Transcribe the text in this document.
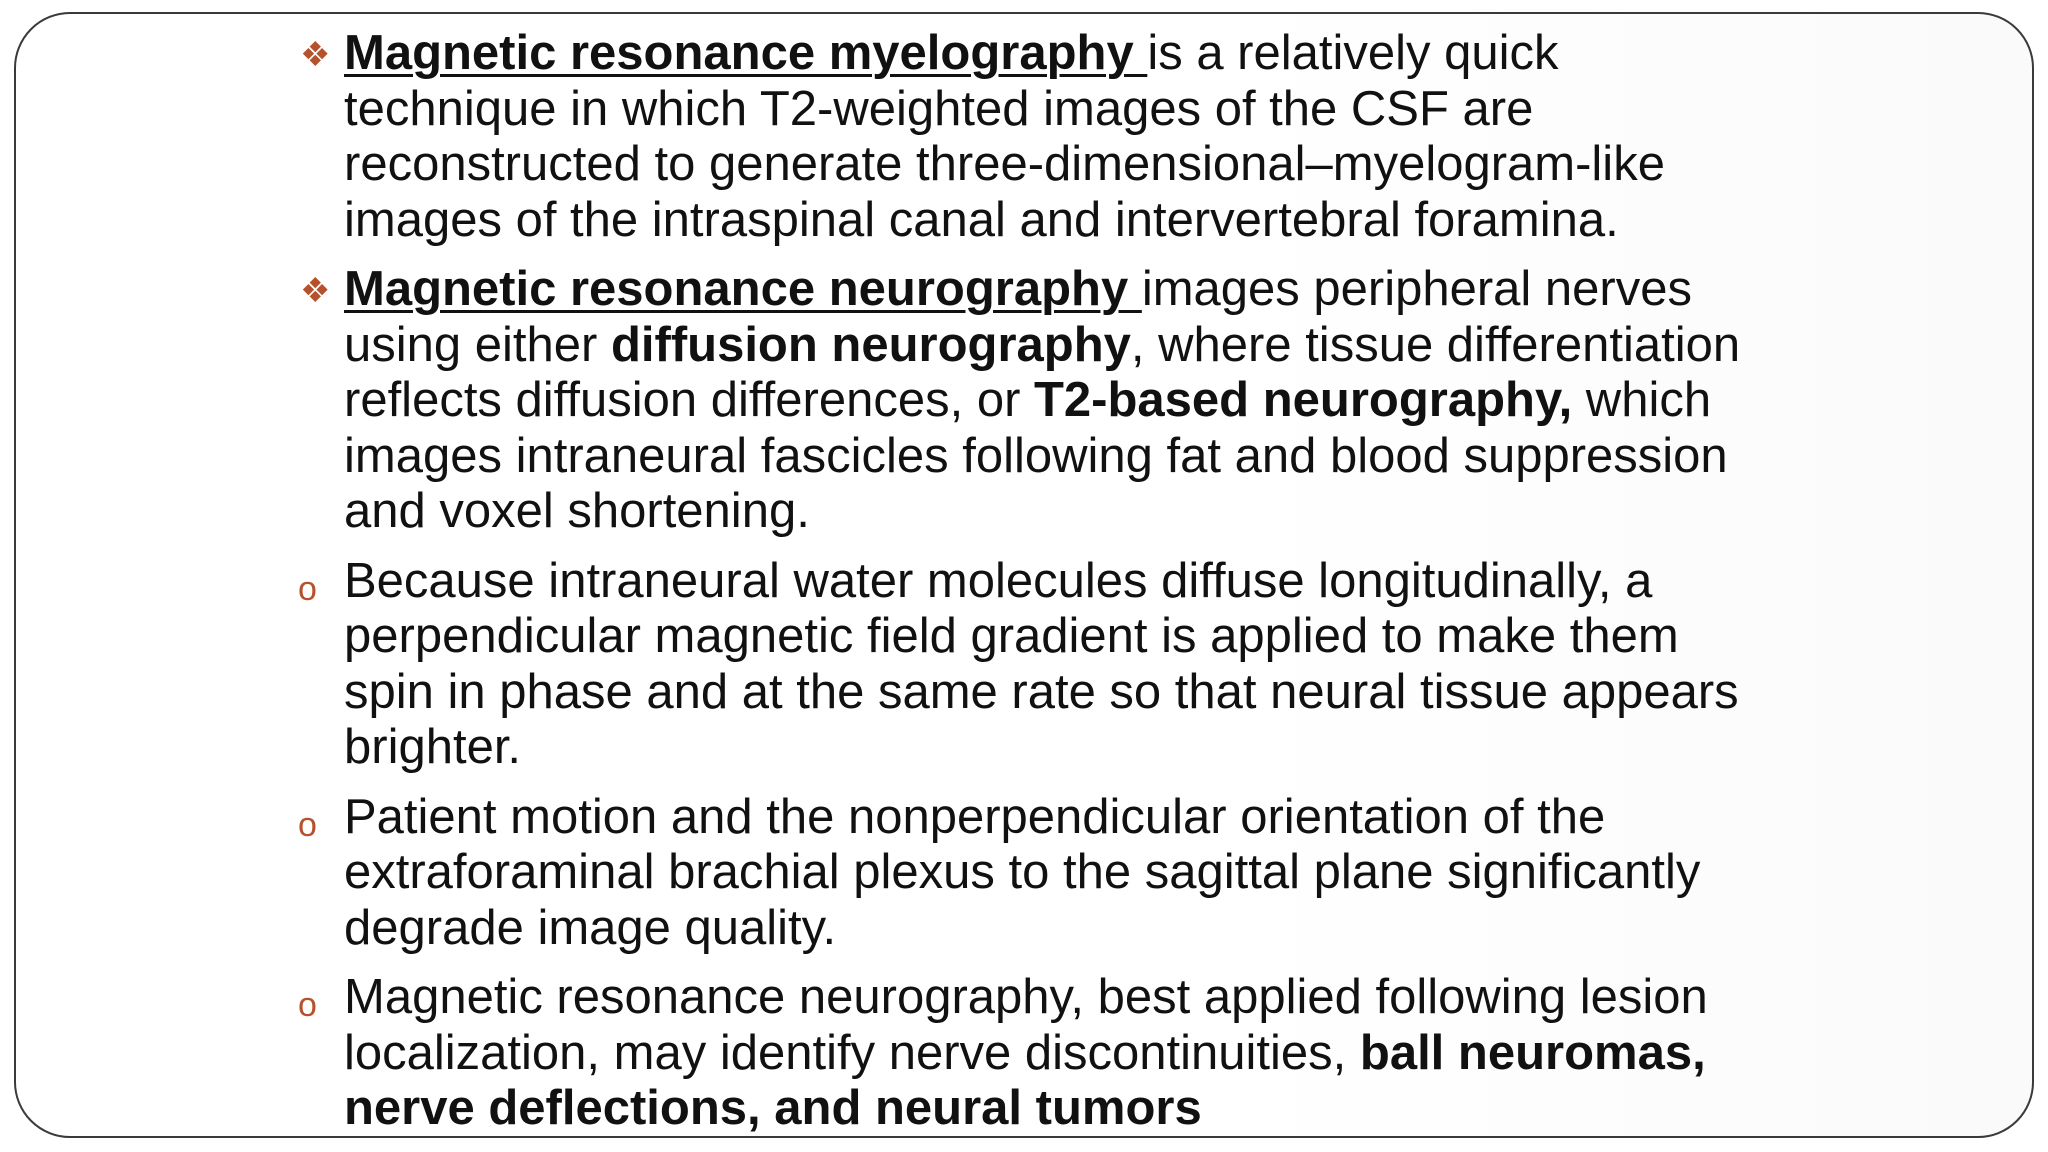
❖ Magnetic resonance myelography is a relatively quick technique in which T2-weighted images of the CSF are reconstructed to generate three-dimensional–myelogram-like images of the intraspinal canal and intervertebral foramina.
❖ Magnetic resonance neurography images peripheral nerves using either diffusion neurography, where tissue differentiation reflects diffusion differences, or T2-based neurography, which images intraneural fascicles following fat and blood suppression and voxel shortening.
o Because intraneural water molecules diffuse longitudinally, a perpendicular magnetic field gradient is applied to make them spin in phase and at the same rate so that neural tissue appears brighter.
o Patient motion and the nonperpendicular orientation of the extraforaminal brachial plexus to the sagittal plane significantly degrade image quality.
o Magnetic resonance neurography, best applied following lesion localization, may identify nerve discontinuities, ball neuromas, nerve deflections, and neural tumors
